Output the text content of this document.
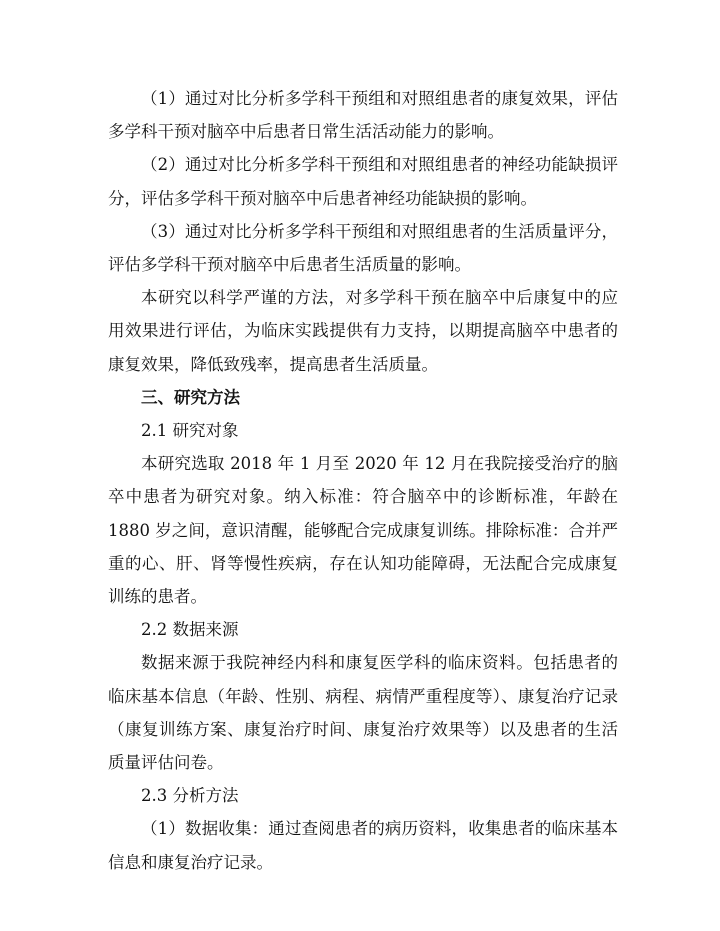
（1）通过对比分析多学科干预组和对照组患者的康复效果，评估多学科干预对脑卒中后患者日常生活活动能力的影响。

（2）通过对比分析多学科干预组和对照组患者的神经功能缺损评分，评估多学科干预对脑卒中后患者神经功能缺损的影响。

（3）通过对比分析多学科干预组和对照组患者的生活质量评分，评估多学科干预对脑卒中后患者生活质量的影响。

本研究以科学严谨的方法，对多学科干预在脑卒中后康复中的应用效果进行评估，为临床实践提供有力支持，以期提高脑卒中患者的康复效果，降低致残率，提高患者生活质量。

三、研究方法

2.1 研究对象

本研究选取 2018 年 1 月至 2020 年 12 月在我院接受治疗的脑卒中患者为研究对象。纳入标准：符合脑卒中的诊断标准，年龄在 1880 岁之间，意识清醒，能够配合完成康复训练。排除标准：合并严重的心、肝、肾等慢性疾病，存在认知功能障碍，无法配合完成康复训练的患者。

2.2 数据来源

数据来源于我院神经内科和康复医学科的临床资料。包括患者的临床基本信息（年龄、性别、病程、病情严重程度等）、康复治疗记录（康复训练方案、康复治疗时间、康复治疗效果等）以及患者的生活质量评估问卷。

2.3 分析方法

（1）数据收集：通过查阅患者的病历资料，收集患者的临床基本信息和康复治疗记录。
